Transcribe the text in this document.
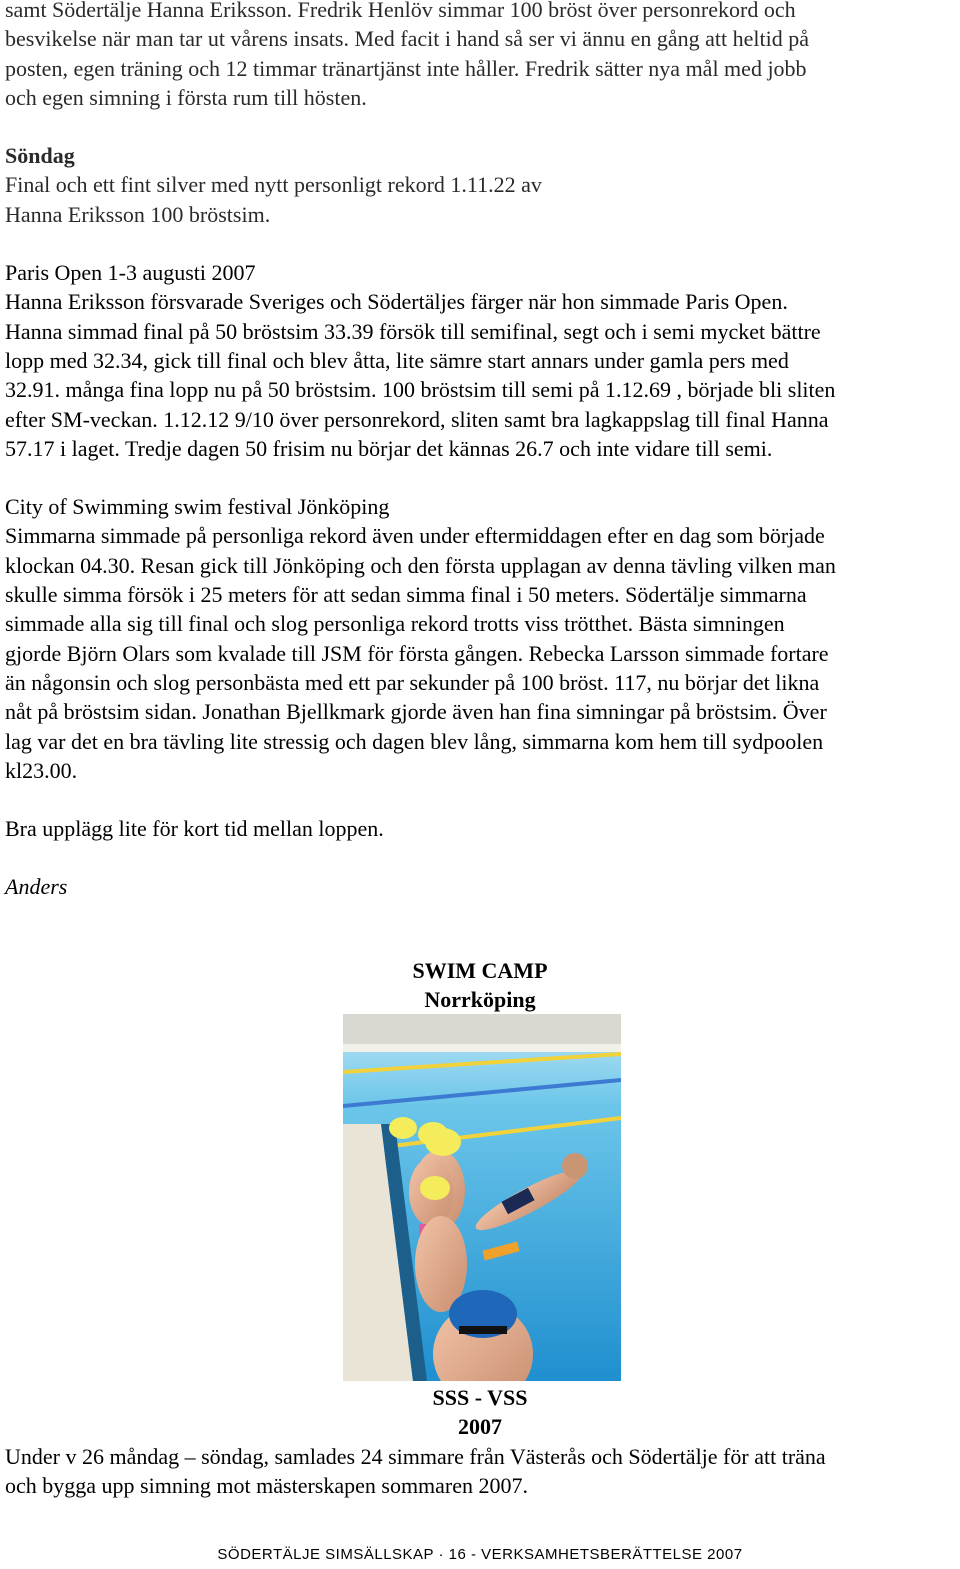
samt Södertälje Hanna Eriksson. Fredrik Henlöv simmar 100 bröst över personrekord och

besvikelse när man tar ut vårens insats. Med facit i hand så ser vi ännu en gång att heltid på

posten, egen träning och 12 timmar tränartjänst inte håller. Fredrik sätter nya mål med jobb

och egen simning i första rum till hösten.

Söndag

Final och ett fint silver med nytt personligt rekord 1.11.22 av

Hanna Eriksson 100 bröstsim.

Paris Open 1-3 augusti 2007

Hanna Eriksson försvarade Sveriges och Södertäljes färger när hon simmade Paris Open.

Hanna simmad final på 50 bröstsim 33.39 försök till semifinal, segt och i semi mycket bättre

lopp med 32.34, gick till final och blev åtta, lite sämre start annars under gamla pers med

32.91. många fina lopp nu på 50 bröstsim. 100 bröstsim till semi på 1.12.69 , började bli sliten

efter SM-veckan. 1.12.12 9/10 över personrekord, sliten samt bra lagkappslag till final Hanna

57.17 i laget. Tredje dagen 50 frisim nu börjar det kännas 26.7 och inte vidare till semi.

City of Swimming swim festival Jönköping

Simmarna simmade på personliga rekord även under eftermiddagen efter en dag som började

klockan 04.30. Resan gick till Jönköping och den första upplagan av denna tävling vilken man

skulle simma försök i 25 meters för att sedan simma final i 50 meters. Södertälje simmarna

simmade alla sig till final och slog personliga rekord trotts viss trötthet. Bästa simningen

gjorde Björn Olars som kvalade till JSM för första gången. Rebecka Larsson simmade fortare

än någonsin och slog personbästa med ett par sekunder på 100 bröst. 117, nu börjar det likna

nåt på bröstsim sidan. Jonathan Bjellkmark gjorde även han fina simningar på bröstsim. Över

lag var det en bra tävling lite stressig och dagen blev lång, simmarna kom hem till sydpoolen

kl23.00.

Bra upplägg lite för kort tid mellan loppen.

Anders

SWIM CAMP

Norrköping

SSS - VSS

2007

Under v 26 måndag – söndag, samlades 24 simmare från Västerås och Södertälje för att träna

och bygga upp simning mot mästerskapen sommaren 2007.

SÖDERTÄLJE SIMSÄLLSKAP · 16 - VERKSAMHETSBERÄTTELSE 2007
